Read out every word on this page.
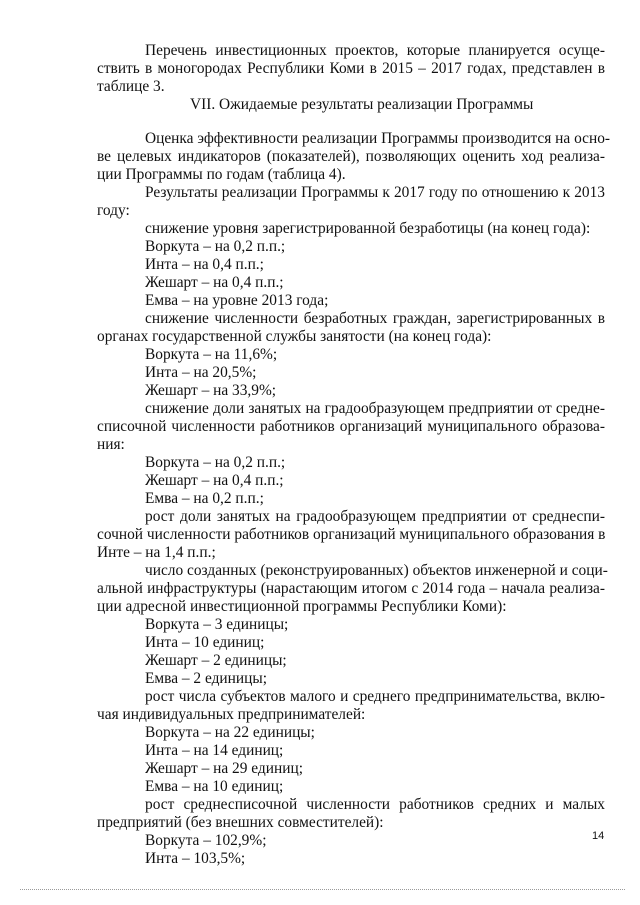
Перечень инвестиционных проектов, которые планируется осуще-
ствить в моногородах Республики Коми в 2015 – 2017 годах, представлен в
таблице 3.
VII. Ожидаемые результаты реализации Программы
Оценка эффективности реализации Программы производится на осно-
ве целевых индикаторов (показателей), позволяющих оценить ход реализа-
ции Программы по годам (таблица 4).
Результаты реализации Программы к 2017 году по отношению к 2013
году:
снижение уровня зарегистрированной безработицы (на конец года):
Воркута – на 0,2 п.п.;
Инта – на 0,4 п.п.;
Жешарт – на 0,4 п.п.;
Емва – на уровне 2013 года;
снижение численности безработных граждан, зарегистрированных в
органах государственной службы занятости (на конец года):
Воркута – на 11,6%;
Инта – на 20,5%;
Жешарт – на 33,9%;
снижение доли занятых на градообразующем предприятии от средне-
списочной численности работников организаций муниципального образова-
ния:
Воркута – на 0,2 п.п.;
Жешарт – на 0,4 п.п.;
Емва – на 0,2 п.п.;
рост доли занятых на градообразующем предприятии от среднеспи-
сочной численности работников организаций муниципального образования в
Инте – на 1,4 п.п.;
число созданных (реконструированных) объектов инженерной и соци-
альной инфраструктуры (нарастающим итогом с 2014 года – начала реализа-
ции адресной инвестиционной программы Республики Коми):
Воркута – 3 единицы;
Инта – 10 единиц;
Жешарт – 2 единицы;
Емва – 2 единицы;
рост числа субъектов малого и среднего предпринимательства, вклю-
чая индивидуальных предпринимателей:
Воркута – на 22 единицы;
Инта – на 14 единиц;
Жешарт – на 29 единиц;
Емва – на 10 единиц;
рост среднесписочной численности работников средних и малых
предприятий (без внешних совместителей):
Воркута – 102,9%;
Инта – 103,5%;
14
